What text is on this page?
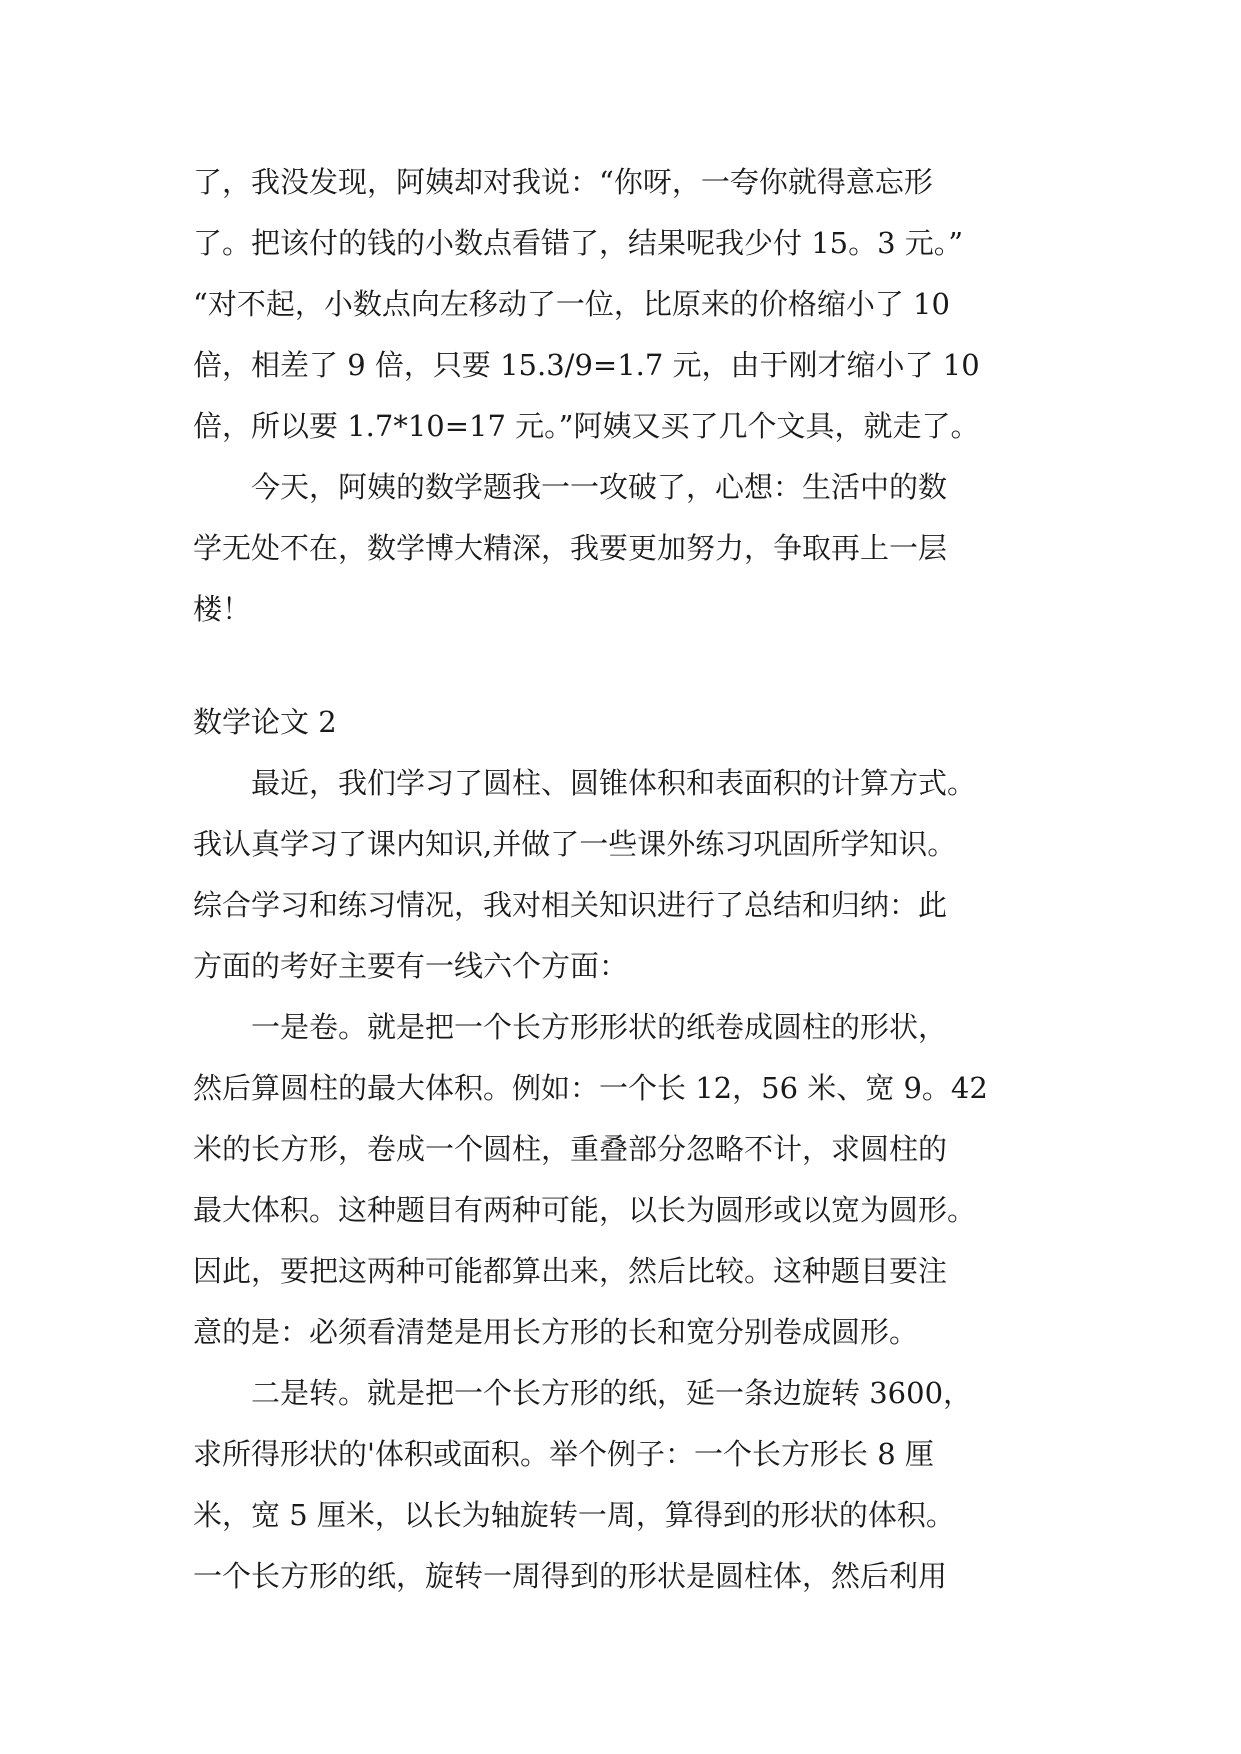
了，我没发现，阿姨却对我说：“你呀，一夸你就得意忘形
了。把该付的钱的小数点看错了，结果呢我少付 15。3 元。”
“对不起，小数点向左移动了一位，比原来的价格缩小了 10
倍，相差了 9 倍，只要 15.3/9=1.7 元，由于刚才缩小了 10
倍，所以要 1.7*10=17 元。”阿姨又买了几个文具，就走了。
今天，阿姨的数学题我一一攻破了，心想：生活中的数
学无处不在，数学博大精深，我要更加努力，争取再上一层
楼！
数学论文 2
最近，我们学习了圆柱、圆锥体积和表面积的计算方式。
我认真学习了课内知识,并做了一些课外练习巩固所学知识。
综合学习和练习情况，我对相关知识进行了总结和归纳：此
方面的考好主要有一线六个方面：
一是卷。就是把一个长方形形状的纸卷成圆柱的形状，
然后算圆柱的最大体积。例如：一个长 12，56 米、宽 9。42
米的长方形，卷成一个圆柱，重叠部分忽略不计，求圆柱的
最大体积。这种题目有两种可能，以长为圆形或以宽为圆形。
因此，要把这两种可能都算出来，然后比较。这种题目要注
意的是：必须看清楚是用长方形的长和宽分别卷成圆形。
二是转。就是把一个长方形的纸，延一条边旋转 3600，
求所得形状的'体积或面积。举个例子：一个长方形长 8 厘
米，宽 5 厘米，以长为轴旋转一周，算得到的形状的体积。
一个长方形的纸，旋转一周得到的形状是圆柱体，然后利用
